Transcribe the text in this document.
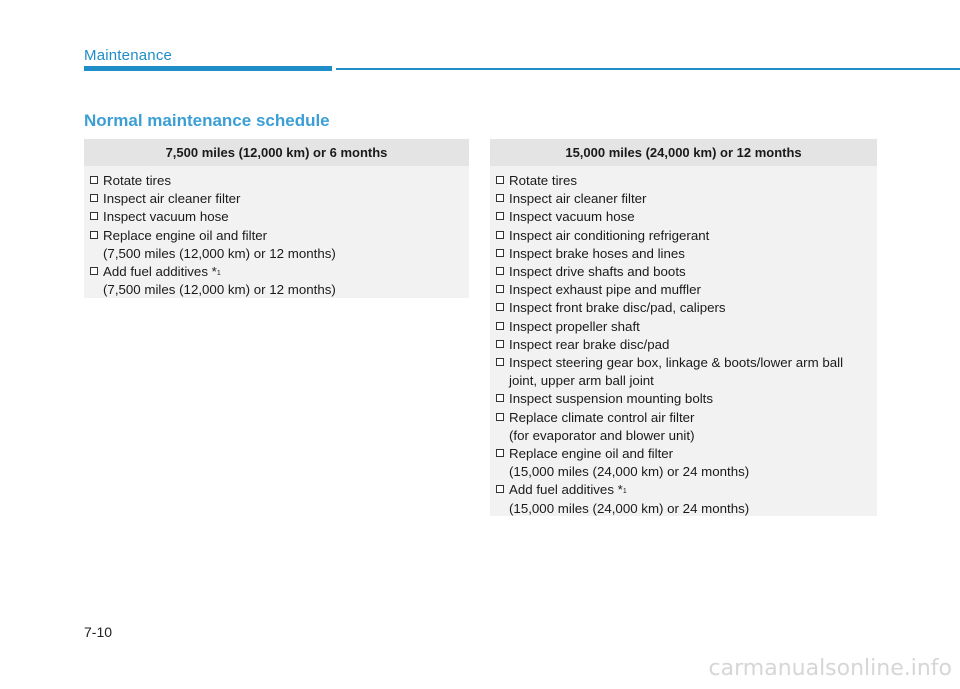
Maintenance
Normal maintenance schedule
7,500 miles (12,000 km) or 6 months
Rotate tires
Inspect air cleaner filter
Inspect vacuum hose
Replace engine oil and filter
(7,500 miles (12,000 km) or 12 months)
Add fuel additives *$^1$
(7,500 miles (12,000 km) or 12 months)
15,000 miles (24,000 km) or 12 months
Rotate tires
Inspect air cleaner filter
Inspect vacuum hose
Inspect air conditioning refrigerant
Inspect brake hoses and lines
Inspect drive shafts and boots
Inspect exhaust pipe and muffler
Inspect front brake disc/pad, calipers
Inspect propeller shaft
Inspect rear brake disc/pad
Inspect steering gear box, linkage & boots/lower arm ball
joint, upper arm ball joint
Inspect suspension mounting bolts
Replace climate control air filter
(for evaporator and blower unit)
Replace engine oil and filter
(15,000 miles (24,000 km) or 24 months)
Add fuel additives *$^1$
(15,000 miles (24,000 km) or 24 months)
7-10
carmanualsonline.info
